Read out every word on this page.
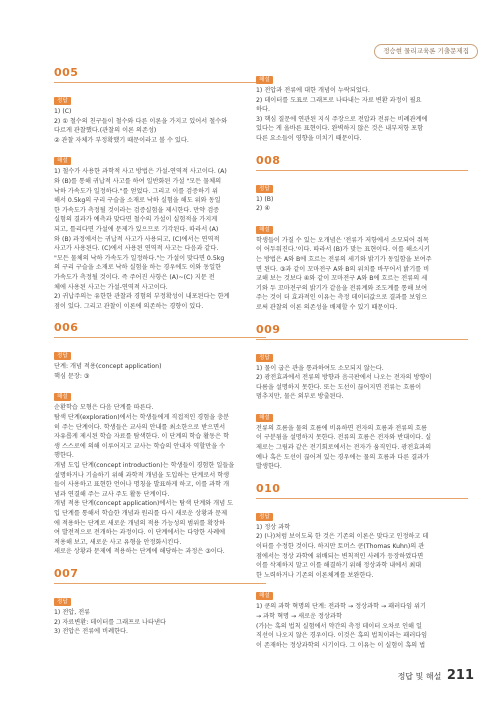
정승현 물리교육론 기출문제집
005
정답
1) (C)
2) ① 철수의 친구들이 철수와 다른 이론을 가지고 있어서 철수와
다르게 관찰했다.(관찰의 이론 의존성)
② 관찰 자체가 부정확했기 때문이라고 볼 수 있다.
해설
1) 철수가 사용한 과학적 사고 방법은 가설-연역적 사고이다. (A)
와 (B)를 통해 귀납적 사고를 하여 일반화된 가설 "모든 물체의
낙하 가속도가 일정하다."를 얻었다. 그리고 이를 검증하기 위
해서 0.5kg의 구리 구슬을 소재로 낙하 실험을 해도 위와 동일
한 가속도가 측정될 것이라는 검증실험을 제시한다. 만약 검증
실험의 결과가 예측과 맞다면 철수의 가설이 실험적을 가지게
되고, 틀리다면 가설에 문제가 있으므로 기각된다. 따라서 (A)
와 (B) 과정에서는 귀납적 사고가 사용되고, (C)에서는 연역적
사고가 사용된다. (C)에서 사용된 연역적 사고는 다음과 같다.
"모든 물체의 낙하 가속도가 일정하다."는 가설이 맞다면 0.5kg
의 구리 구슬을 소재로 낙하 실험을 하는 경우에도 이와 동일한
가속도가 측정될 것이다. 즉 주어진 사항은 (A)~(C) 지문 전
체에 사용된 사고는 가설-연역적 사고이다.
2) 귀납주의는 유한한 관찰과 경험의 부정확성이 내포된다는 한계
점이 있다. 그리고 관찰이 이론에 의존하는 경향이 있다.
006
정답
단계: 개념 적용(concept application)
핵심 문장: ③
해설
순환학습 모형은 다음 단계를 따른다.
탐색 단계(exploration)에서는 학생들에게 직접적인 경험을 충분
히 주는 단계이다. 학생들은 교사의 안내를 최소한으로 받으면서
자유롭게 제시된 학습 자료를 탐색한다. 이 단계의 학습 활동은 학
생 스스로에 의해 이루어지고 교사는 학습의 안내자 역할만을 수
행한다.
개념 도입 단계(concept introduction)는 학생들이 경험한 일들을
설명하거나 기술하기 위해 과학적 개념을 도입하는 단계로서 학생
들이 사용하고 표현한 언어나 명칭을 발표하게 하고, 이를 과학 개
념과 연결해 주는 교사 주도 활동 단계이다.
개념 적용 단계(concept application)에서는 탐색 단계와 개념 도
입 단계를 통해서 학습한 개념과 원리를 다시 새로운 상황과 문제
에 적용하는 단계로 새로운 개념의 적용 가능성의 범위를 확장하
여 발전적으로 전개하는 과정이다. 이 단계에서는 다양한 사례에
적용해 보고, 새로운 사고 유형을 안정화시킨다.
새로운 상황과 문제에 적용하는 단계에 해당하는 과정은 ③이다.
007
정답
1) 전압, 전류
2) 자료변환: 데이터를 그래프로 나타낸다
3) 전압은 전류에 비례한다.
해설
1) 전압과 전류에 대한 개념이 누락되었다.
2) 데이터를 도표로 그래프로 나타내는 자료 변환 과정이 필요
하다.
3) 핵심 질문에 연관된 지식 주장으로 전압과 전류는 비례관계에
있다는 게 올바른 표현이다. 완벽하지 않은 것은 내부저항 포함
다른 요소들이 영향을 미치기 때문이다.
008
정답
1) (B)
2) ④
해설
학생들이 가질 수 있는 오개념은 '전류가 저항에서 소모되어 줘목
이 어두워진다.'이다. 따라서 (B)가 맞는 표현이다. 이를 해소시키
는 방법은 A와 B에 흐르는 전류의 세기와 밝기가 동일함을 보여주
면 된다. ③과 같이 꼬마전구 A와 B의 위치를 바꾸어서 밝기를 비
교해 보는 것보다 ④와 같이 꼬마전구 A와 B에 흐르는 전류의 세
기와 두 꼬마전구의 밝기가 같음을 전류계와 조도계를 통해 보여
주는 것이 더 효과적인 이유는 측정 데이터값으로 결과를 보임으
로써 관찰의 이론 의존성을 배제할 수 있기 때문이다.
009
정답
1) 물이 굽은 관을 통과하여도 소모되지 않는다.
2) 광전효과에서 전류의 방향과 음극판에서 나오는 전자의 방향이
다름을 설명하지 못한다. 또는 도선이 끊어지면 전류는 흐름이
멈추지만, 물은 외부로 방출된다.
해설
전류의 흐름을 물의 흐름에 비유하면 전자의 흐름과 전류의 흐름
이 구분됨을 설명하지 못한다. 전류의 흐름은 전자와 반대이다. 실
제로는 그림과 같은 전기회로에서는 전자가 움직인다. 광전효과의
예나 혹은 도선이 끊어져 있는 경우에는 물의 흐름과 다른 결과가
발생한다.
010
정답
1) 정상 과학
2) (나)처럼 보이도록 한 것은 기존의 이론은 맞다고 인정하고 데
이터를 수정한 것이다. 하지만 토머스 쿤(Thomas Kuhn)의 관
점에서는 정상 과학에 위배되는 변칙적인 사례가 등장하였다면
이를 삭제하지 말고 이를 해결하기 위해 정상과학 내에서 최대
한 노력하거나 기존의 이론체계를 보완한다.
해설
1) 쿤의 과학 혁명의 단계: 전과학 → 정상과학 → 패러다임 위기
→ 과학 혁명 → 새로운 정상과학
(가)는 혹의 법칙 실험에서 약간의 측정 데이터 오차로 인해 일
직선이 나오지 않은 경우이다. 이것은 혹의 법칙이라는 패러다임
이 존재하는 정상과학의 시기이다. 그 이유는 이 실험이 혹의 법
정답 및 해설 211
